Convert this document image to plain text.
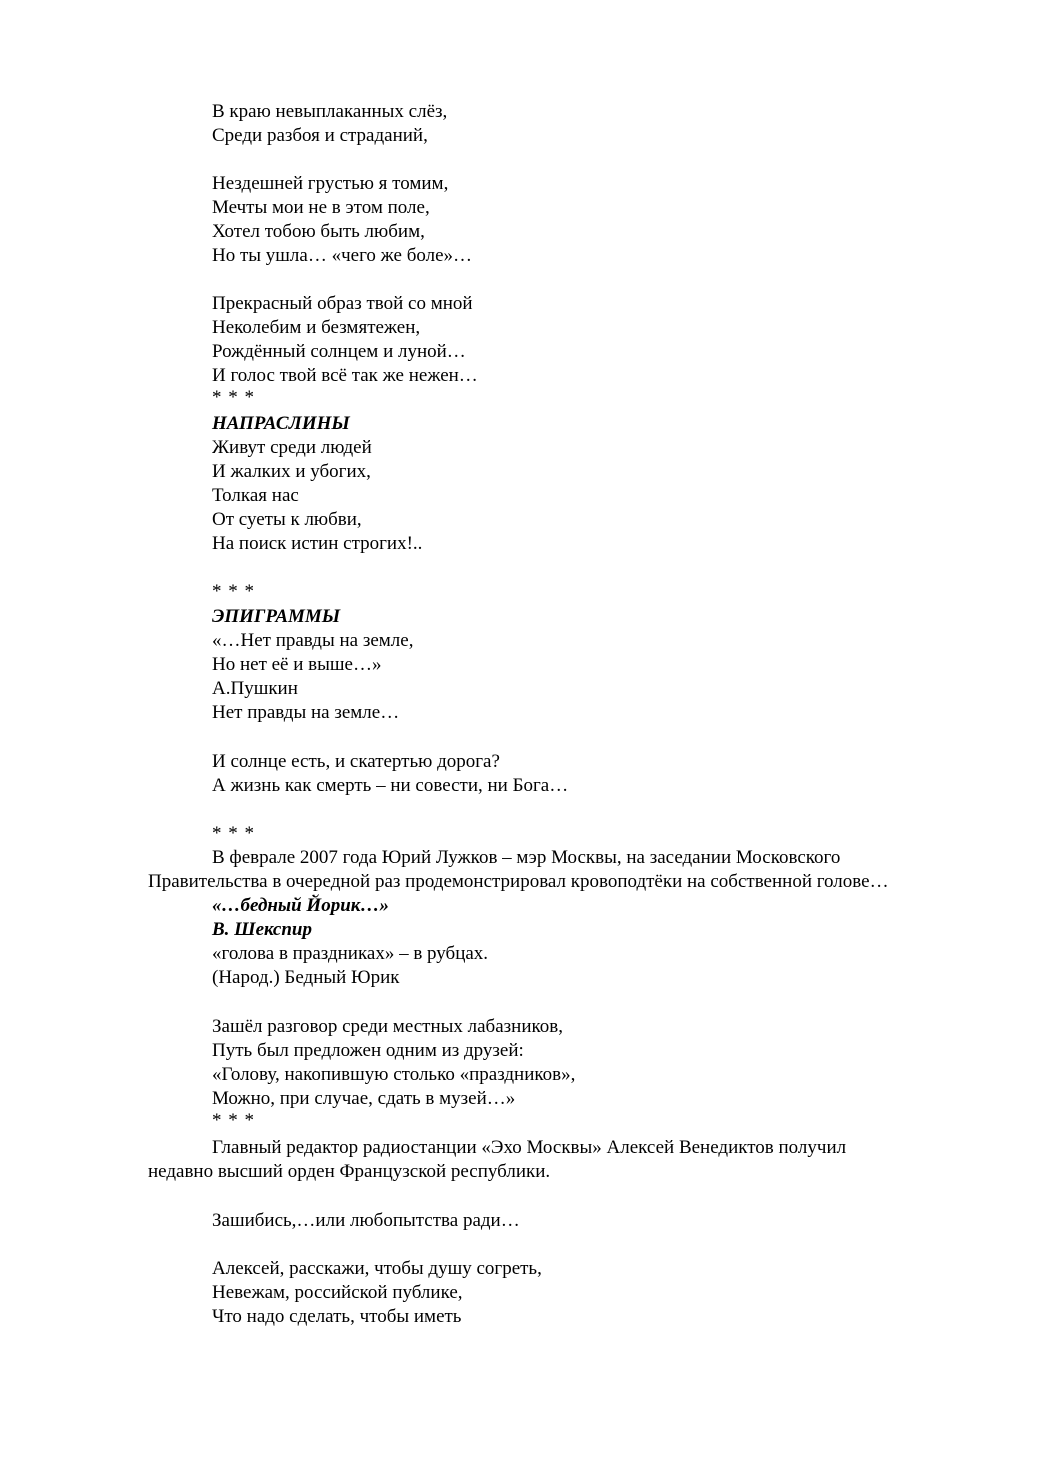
В краю невыплаканных слёз,
Среди разбоя и страданий,
Нездешней грустью я томим,
Мечты мои не в этом поле,
Хотел тобою быть любим,
Но ты ушла… «чего же боле»…
Прекрасный образ твой со мной
Неколебим и безмятежен,
Рождённый солнцем и луной…
И голос твой всё так же нежен…
* * *
НАПРАСЛИНЫ
Живут среди людей
И жалких и убогих,
Толкая нас
От суеты к любви,
На поиск истин строгих!..
* * *
ЭПИГРАММЫ
«…Нет правды на земле,
Но нет её и выше…»
А.Пушкин
Нет правды на земле…
И солнце есть, и скатертью дорога?
А жизнь как смерть – ни совести, ни Бога…
* * *
В феврале 2007 года Юрий Лужков – мэр Москвы, на заседании Московского
Правительства в очередной раз продемонстрировал кровоподтёки на собственной голове…
«…бедный Йорик…»
В. Шекспир
«голова в праздниках» – в рубцах.
(Народ.) Бедный Юрик
Зашёл разговор среди местных лабазников,
Путь был предложен одним из друзей:
«Голову, накопившую столько «праздников»,
Можно, при случае, сдать в музей…»
* * *
Главный редактор радиостанции «Эхо Москвы» Алексей Венедиктов получил
недавно высший орден Французской республики.
Зашибись,…или любопытства ради…
Алексей, расскажи, чтобы душу согреть,
Невежам, российской публике,
Что надо сделать, чтобы иметь
